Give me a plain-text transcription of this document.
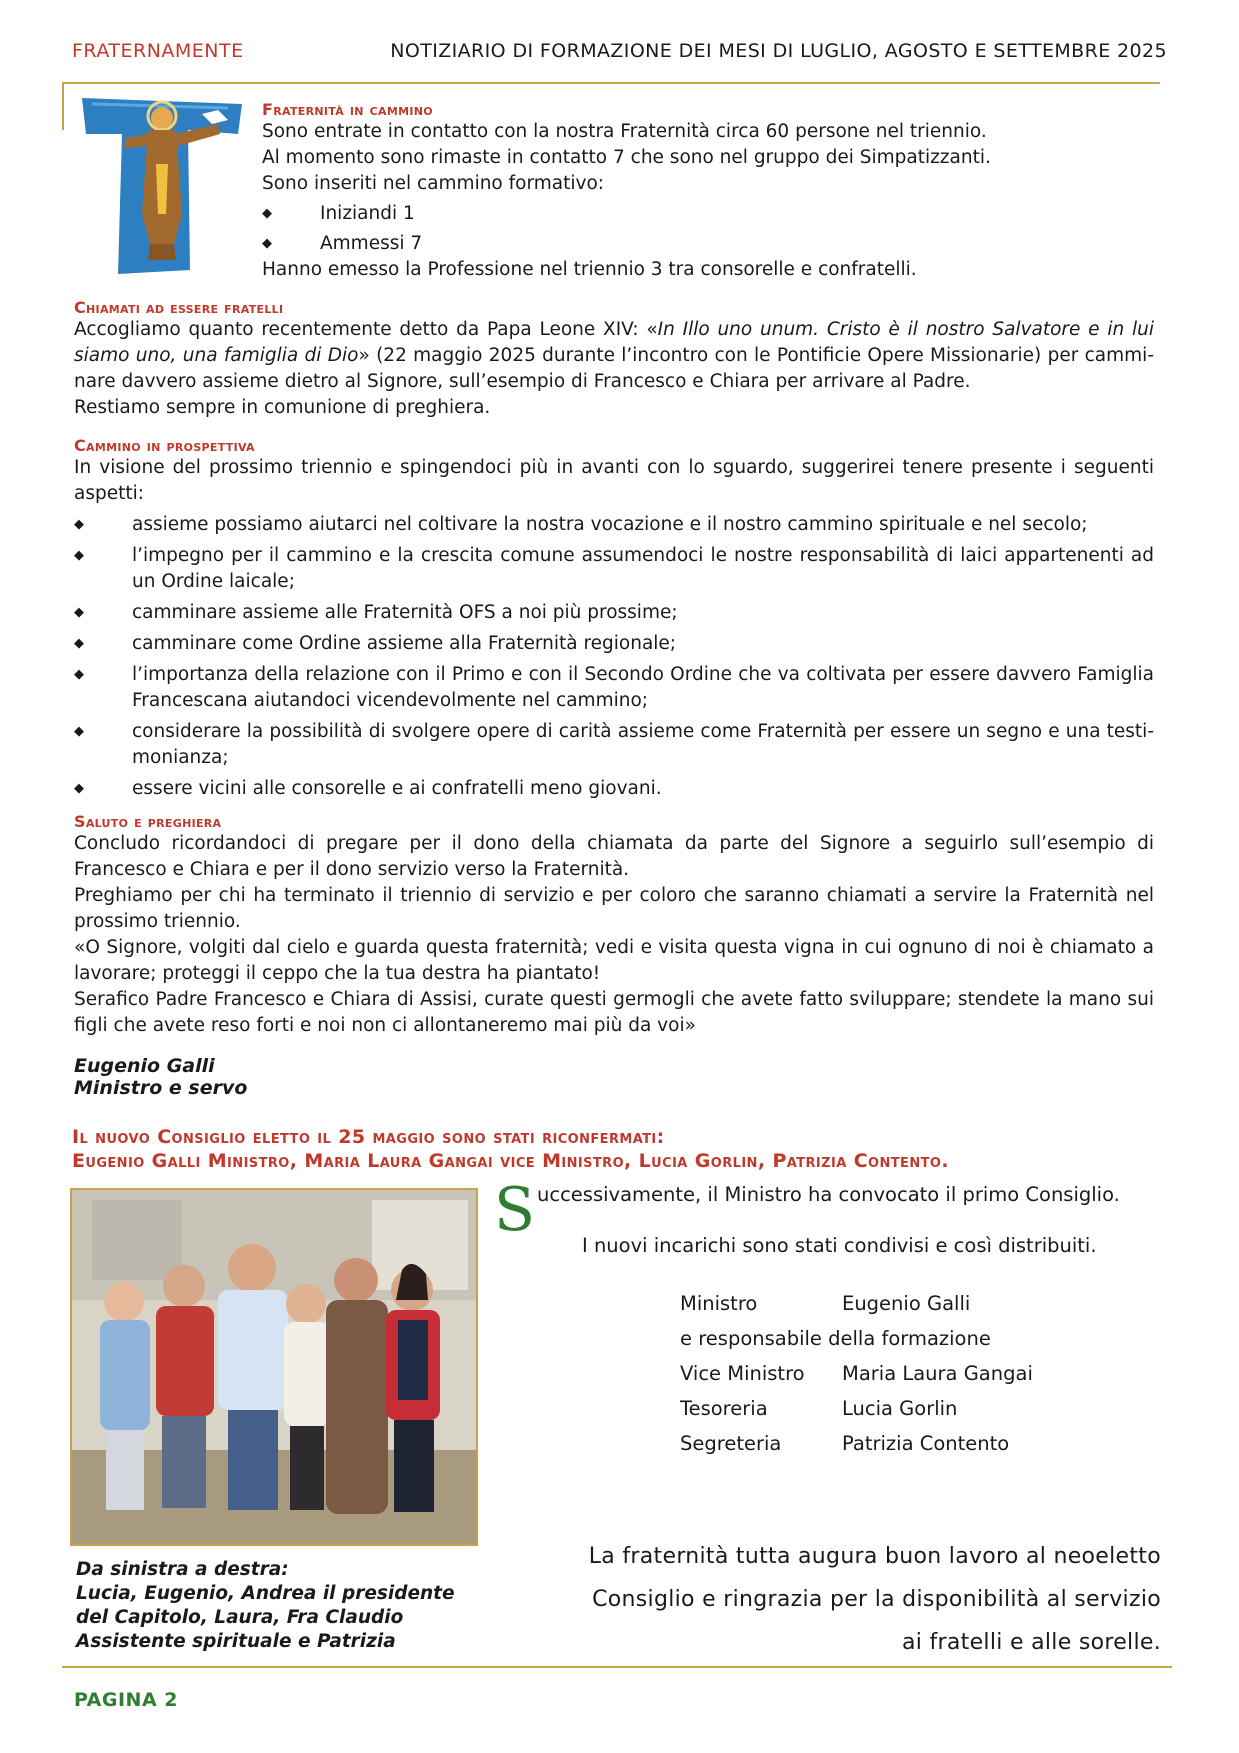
FRATERNAMENTE	NOTIZIARIO DI FORMAZIONE DEI MESI DI LUGLIO, AGOSTO E SETTEMBRE 2025
Fraternità in cammino
Sono entrate in contatto con la nostra Fraternità circa 60 persone nel triennio.
Al momento sono rimaste in contatto 7 che sono nel gruppo dei Simpatizzanti.
Sono inseriti nel cammino formativo:
◆	Iniziandi 1
◆	Ammessi 7
Hanno emesso la Professione nel triennio 3 tra consorelle e confratelli.
Chiamati ad essere fratelli
Accogliamo quanto recentemente detto da Papa Leone XIV: «In Illo uno unum. Cristo è il nostro Salvatore e in lui siamo uno, una famiglia di Dio» (22 maggio 2025 durante l’incontro con le Pontificie Opere Missionarie) per cammi-nare davvero assieme dietro al Signore, sull’esempio di Francesco e Chiara per arrivare al Padre.
Restiamo sempre in comunione di preghiera.
Cammino in prospettiva
In visione del prossimo triennio e spingendoci più in avanti con lo sguardo, suggerirei tenere presente i seguenti aspetti:
◆	assieme possiamo aiutarci nel coltivare la nostra vocazione e il nostro cammino spirituale e nel secolo;
◆	l’impegno per il cammino e la crescita comune assumendoci le nostre responsabilità di laici appartenenti ad un Ordine laicale;
◆	camminare assieme alle Fraternità OFS a noi più prossime;
◆	camminare come Ordine assieme alla Fraternità regionale;
◆	l’importanza della relazione con il Primo e con il Secondo Ordine che va coltivata per essere davvero Famiglia Francescana aiutandoci vicendevolmente nel cammino;
◆	considerare la possibilità di svolgere opere di carità assieme come Fraternità per essere un segno e una testi-monianza;
◆	essere vicini alle consorelle e ai confratelli meno giovani.
Saluto e preghiera
Concludo ricordandoci di pregare per il dono della chiamata da parte del Signore a seguirlo sull’esempio di Francesco e Chiara e per il dono servizio verso la Fraternità.
Preghiamo per chi ha terminato il triennio di servizio e per coloro che saranno chiamati a servire la Fraternità nel prossimo triennio.
«O Signore, volgiti dal cielo e guarda questa fraternità; vedi e visita questa vigna in cui ognuno di noi è chiamato a lavorare; proteggi il ceppo che la tua destra ha piantato!
Serafico Padre Francesco e Chiara di Assisi, curate questi germogli che avete fatto sviluppare; stendete la mano sui figli che avete reso forti e noi non ci allontaneremo mai più da voi»
Eugenio Galli
Ministro e servo
Il nuovo Consiglio eletto il 25 maggio sono stati riconfermati:
Eugenio Galli Ministro, Maria Laura Gangai vice Ministro, Lucia Gorlin, Patrizia Contento.
Da sinistra a destra:
Lucia, Eugenio, Andrea il presidente
del Capitolo, Laura, Fra Claudio
Assistente spirituale e Patrizia
S uccessivamente, il Ministro ha convocato il primo Consiglio.
I nuovi incarichi sono stati condivisi e così distribuiti.
Ministro	Eugenio Galli
e responsabile della formazione
Vice Ministro	Maria Laura Gangai
Tesoreria	Lucia Gorlin
Segreteria	Patrizia Contento
La fraternità tutta augura buon lavoro al neoeletto
Consiglio e ringrazia per la disponibilità al servizio
ai fratelli e alle sorelle.
PAGINA 2
